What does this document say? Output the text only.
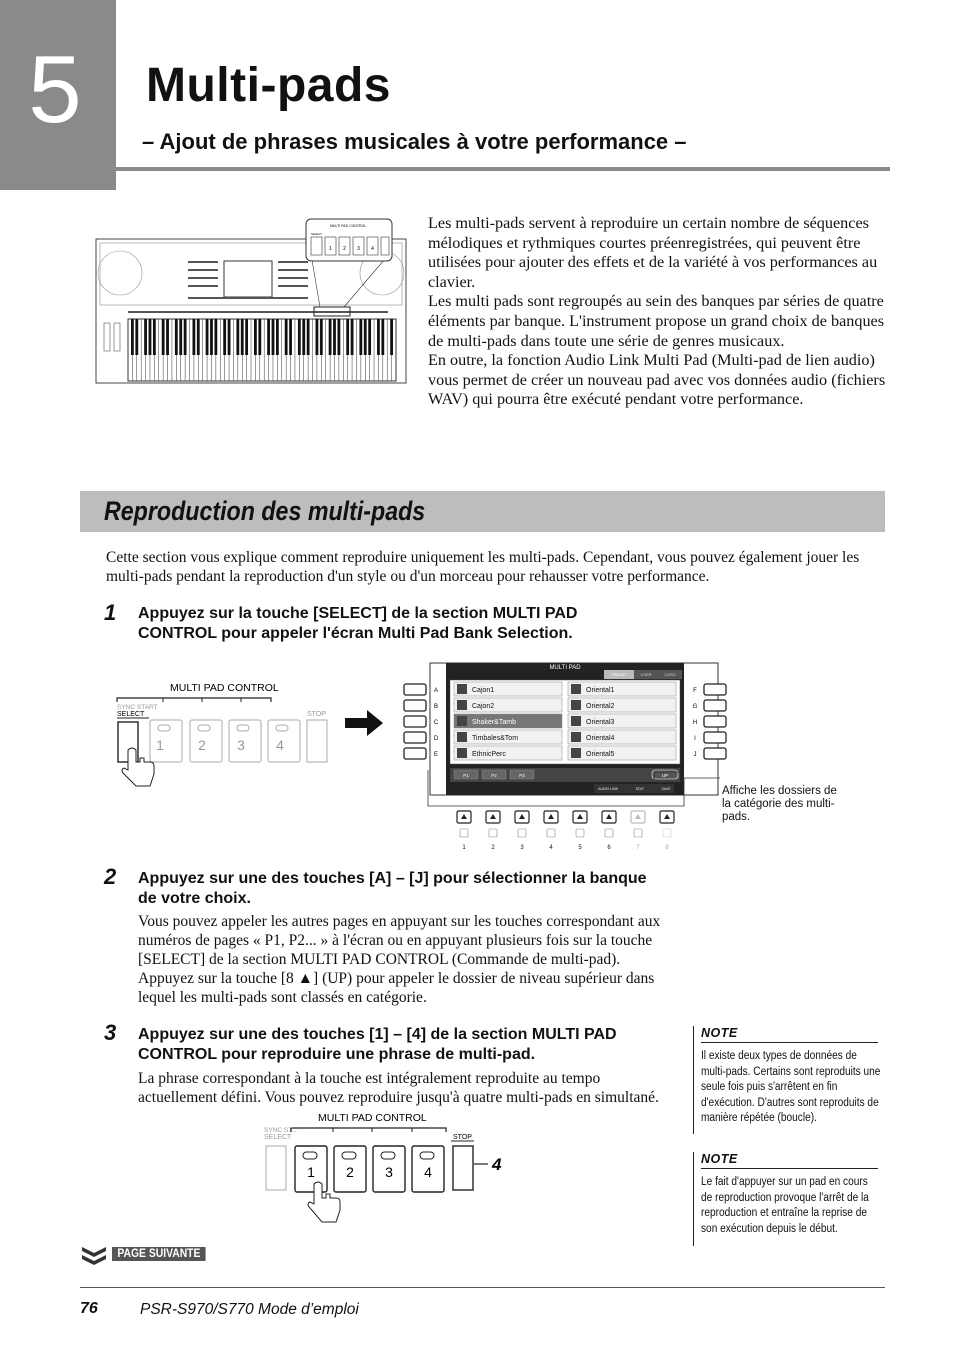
5	Multi-pads
– Ajout de phrases musicales à votre performance –
MULTI PAD CONTROL
SELECT
1 2 3 4

Les multi-pads servent à reproduire un certain nombre de séquences mélodiques et rythmiques courtes préenregistrées, qui peuvent être utilisées pour ajouter des effets et de la variété à vos performances au clavier.

Les multi pads sont regroupés au sein des banques par séries de quatre éléments par banque. L'instrument propose un grand choix de banques de multi-pads dans toute une série de genres musicaux.

En outre, la fonction Audio Link Multi Pad (Multi-pad de lien audio) vous permet de créer un nouveau pad avec vos données audio (fichiers WAV) qui pourra être exécuté pendant votre performance.

Reproduction des multi-pads

Cette section vous explique comment reproduire uniquement les multi-pads. Cependant, vous pouvez également jouer les multi-pads pendant la reproduction d'un style ou d'un morceau pour rehausser votre performance.

1 Appuyez sur la touche [SELECT] de la section MULTI PAD CONTROL pour appeler l'écran Multi Pad Bank Selection.
MULTI PAD CONTROL
SYNC START
SELECT	STOP
1 2 3 4
MULTI PAD
PRESET	USER	CARD
Cajon1	Oriental1
Cajon2	Oriental2
Shaker&Tamb	Oriental3
Timbales&Tom	Oriental4
EthnicPerc	Oriental5
P1	P2	P3	UP
AUDIO LINK	EDIT	SAVE
A	F
B	G
C	H
D	I
E	J
1	2	3	4	5	6	7	8
Affiche les dossiers de la catégorie des multi-pads.
2 Appuyez sur une des touches [A] – [J] pour sélectionner la banque de votre choix.

Vous pouvez appeler les autres pages en appuyant sur les touches correspondant aux numéros de pages « P1, P2... » à l'écran ou en appuyant plusieurs fois sur la touche [SELECT] de la section MULTI PAD CONTROL (Commande de multi-pad). Appuyez sur la touche [8 ▲] (UP) pour appeler le dossier de niveau supérieur dans lequel les multi-pads sont classés en catégorie.

3 Appuyez sur une des touches [1] – [4] de la section MULTI PAD CONTROL pour reproduire une phrase de multi-pad.

La phrase correspondant à la touche est intégralement reproduite au tempo actuellement défini. Vous pouvez reproduire jusqu'à quatre multi-pads en simultané.

MULTI PAD CONTROL
SYNC ST...
SELECT	STOP
1 2 3 4	4
NOTE
Il existe deux types de données de multi-pads. Certains sont reproduits une seule fois puis s'arrêtent en fin d'exécution. D'autres sont reproduits de manière répétée (boucle).
NOTE
Le fait d'appuyer sur un pad en cours de reproduction provoque l'arrêt de la reproduction et entraîne la reprise de son exécution depuis le début.
PAGE SUIVANTE
76	PSR-S970/S770 Mode d’emploi
